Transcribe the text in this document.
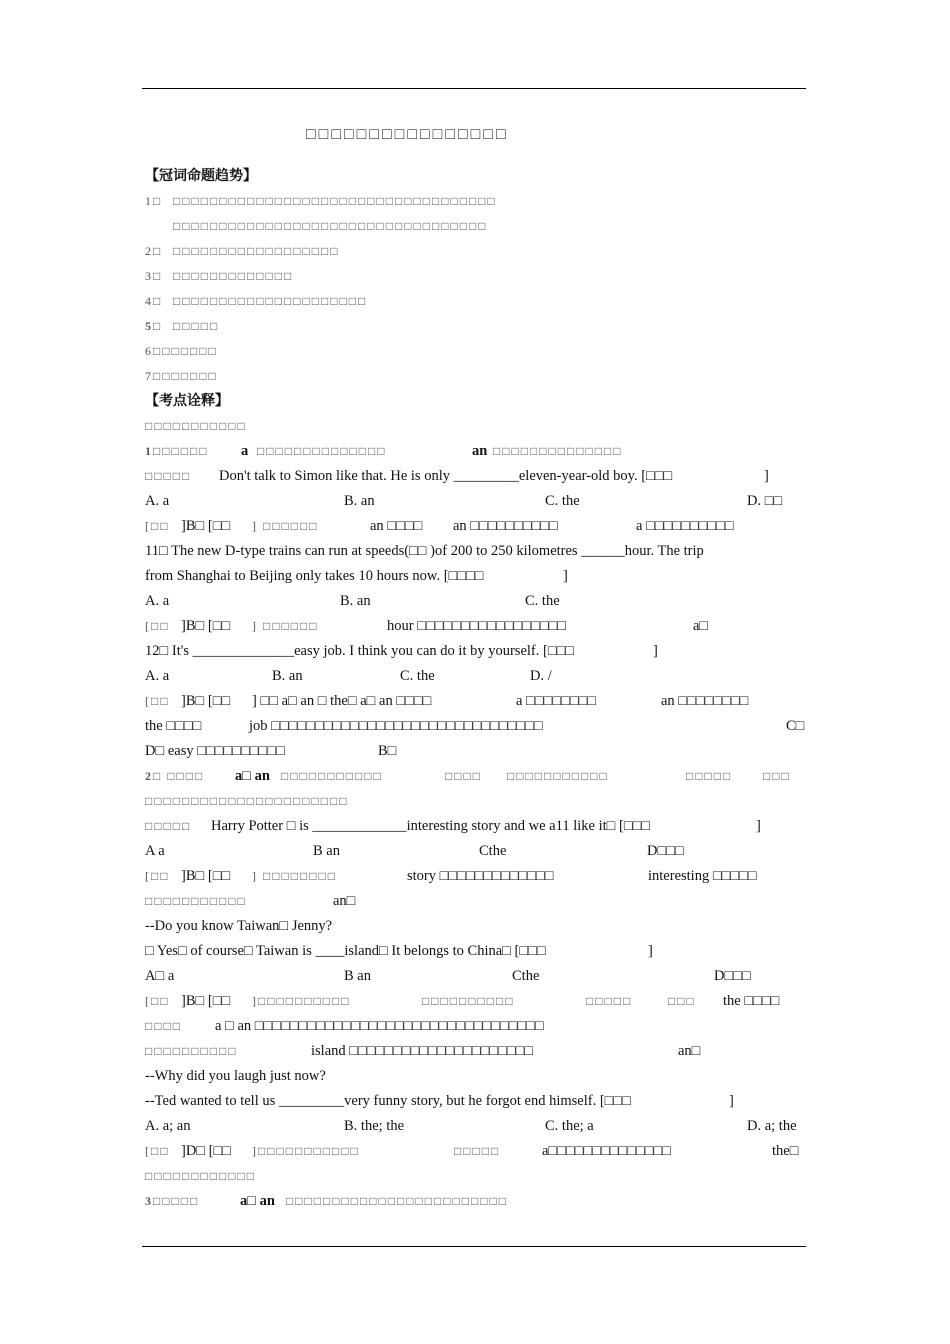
□□□□□□□□□□□□□□□□
【冠词命题趋势】
1□ □□□□□□□□□□□□□□□□□□□□□□□□□□□□□□□□□□□
□□□□□□□□□□□□□□□□□□□□□□□□□□□□□□□□□□
2□ □□□□□□□□□□□□□□□□□□
3□ □□□□□□□□□□□□□
4□ □□□□□□□□□□□□□□□□□□□□□
5□ □□□□□
6□□□□□□□
7□□□□□□□
【考点诠释】
□□□□□□□□□□□
1□□□□□□ a □□□□□□□□□□□□□□	an □□□□□□□□□□□□□□
□□□□□ Don't talk to Simon like that. He is only _________eleven-year-old boy. [□□□	]
A. a	B. an	C. the	D. □□
[□□ ]B□ [□□ ] □□□□□□	an □□□□ an □□□□□□□□□□	a □□□□□□□□□□
11□ The new D-type trains can run at speeds(□□ )of 200 to 250 kilometres ______hour. The trip
from Shanghai to Beijing only takes 10 hours now. [□□□□	]
A. a	B. an	C. the
[□□ ]B□ [□□ ] □□□□□□	hour □□□□□□□□□□□□□□□□□	a□
12□ It's ______________easy job. I think you can do it by yourself. [□□□	]
A. a	B. an	C. the	D. /
[□□ ]B□ [□□ ] □□ a□ an □ the□ a□ an □□□□	a □□□□□□□□	an □□□□□□□□
the □□□□	job □□□□□□□□□□□□□□□□□□□□□□□□□□□□□□□	C□
D□ easy □□□□□□□□□□	B□
2□ □□□□ a□ an □□□□□□□□□□□	□□□□ □□□□□□□□□□□	□□□□□	□□□
□□□□□□□□□□□□□□□□□□□□□□
□□□□□ Harry Potter □ is _____________interesting story and we a11 like it□ [□□□	]
A a	B an	Cthe	D□□□
[□□ ]B□ [□□ ] □□□□□□□□	story □□□□□□□□□□□□□	interesting □□□□□
□□□□□□□□□□□	an□
--Do you know Taiwan□ Jenny?
□ Yes□ of course□ Taiwan is ____island□ It belongs to China□ [□□□	]
A□ a	B an	Cthe	D□□□
[□□ ]B□ [□□ ]□□□□□□□□□□	□□□□□□□□□□	□□□□□	□□□ the □□□□
□□□□ a □ an □□□□□□□□□□□□□□□□□□□□□□□□□□□□□□□□□
□□□□□□□□□□	island □□□□□□□□□□□□□□□□□□□□□	an□
--Why did you laugh just now?
--Ted wanted to tell us _________very funny story, but he forgot end himself. [□□□	]
A. a; an	B. the; the	C. the; a	D. a; the
[□□ ]D□ [□□ ]□□□□□□□□□□□	□□□□□	a□□□□□□□□□□□□□□	the□
□□□□□□□□□□□□
3□□□□□	a□ an □□□□□□□□□□□□□□□□□□□□□□□□
